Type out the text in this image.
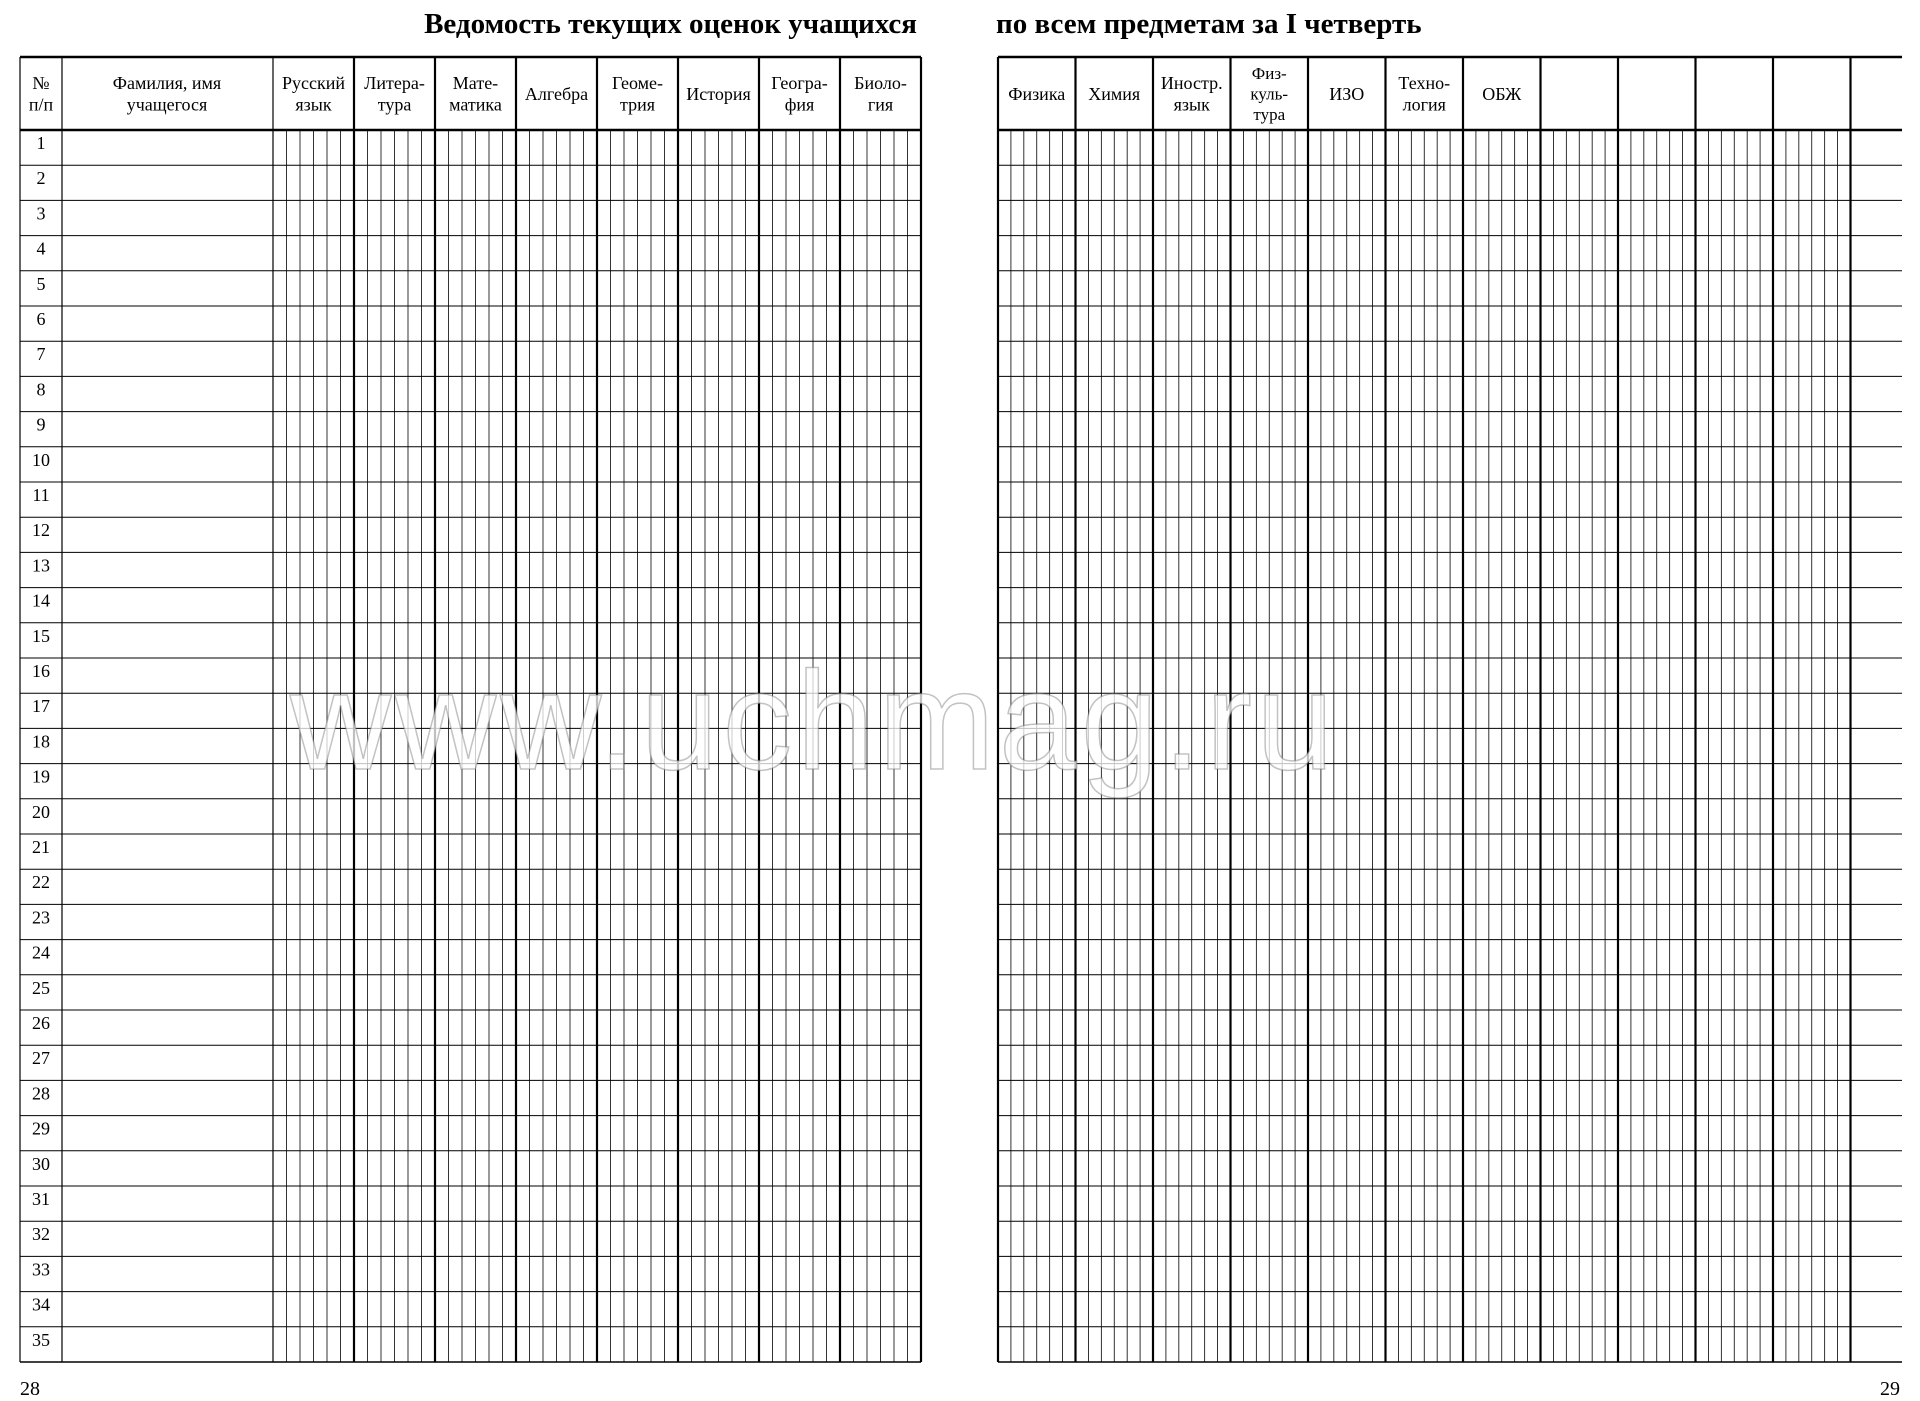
Ведомость текущих оценок учащихся	по всем предметам за I четверть
Русский
язык
Литера-
тура
Мате-
матика
Алгебра
Геоме-
трия
История
Геогра-
фия
Биоло-
гия
№
п/п
Фамилия, имя
учащегося
1
2
3
4
5
6
7
8
9
10
11
12
13
14
15
16
17
18
19
20
21
22
23
24
25
26
27
28
29
30
31
32
33
34
35
Физика Химия
Иностр.
язык
Физ-
куль-
тура
ИЗО
Техно-
логия
ОБЖ
www.uchmag.ru
28	29
